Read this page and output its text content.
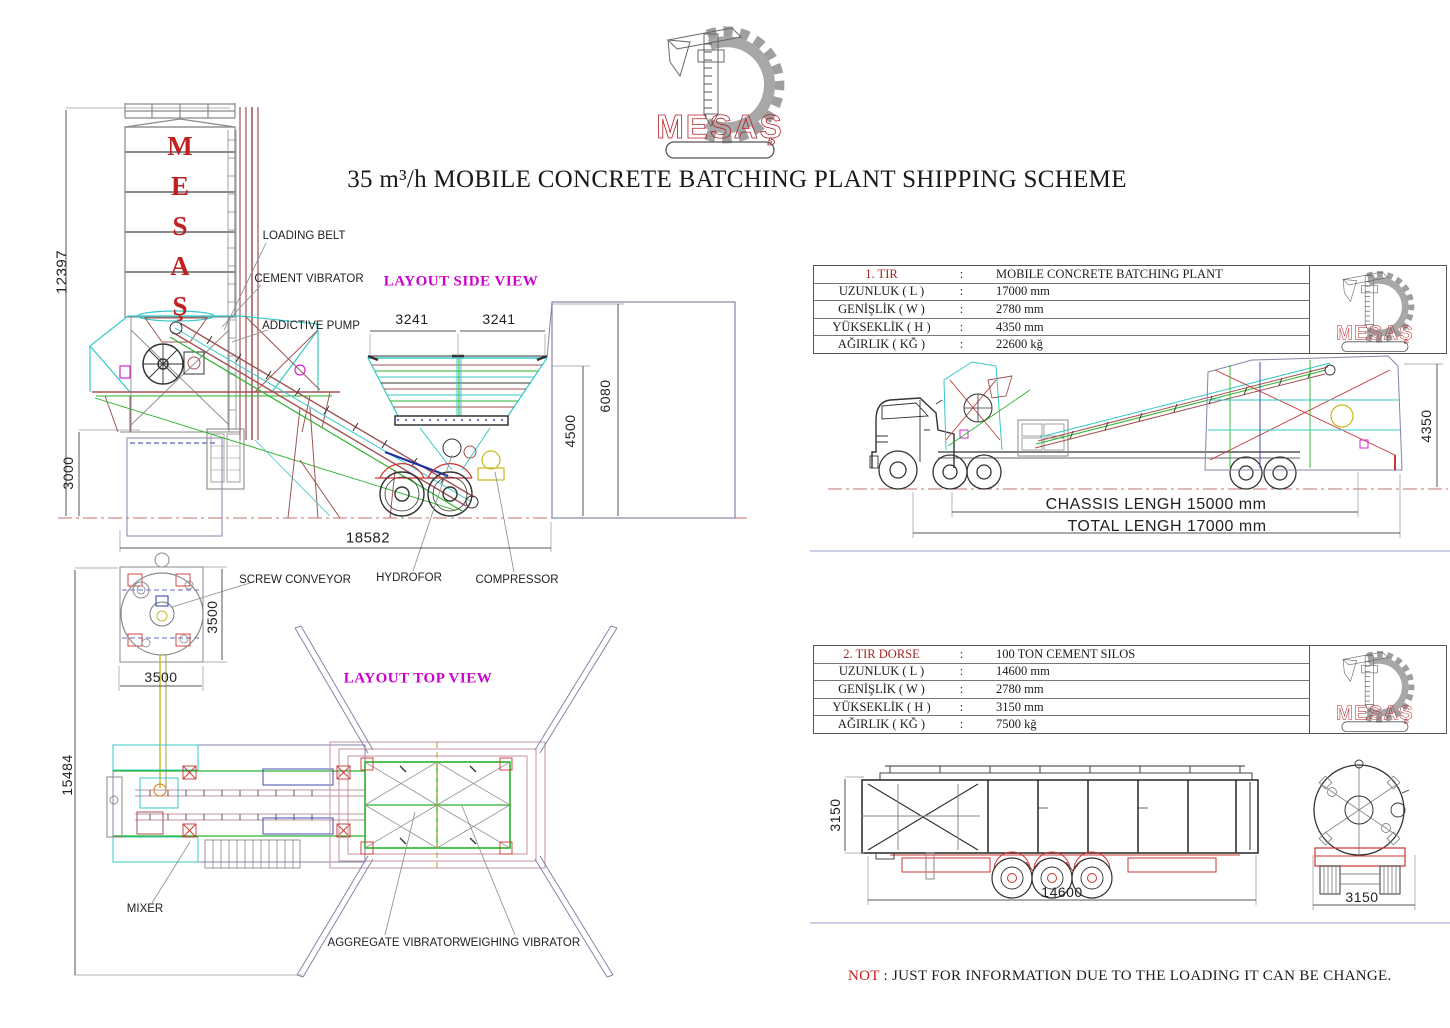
35 m³/h MOBILE CONCRETE BATCHING PLANT SHIPPING SCHEME
MESAŞ
MÜHENDİSLİK
M
E
S
A
Ş
LAYOUT SIDE VIEW
LAYOUT TOP VIEW
LOADING BELT
CEMENT VIBRATOR
ADDICTIVE PUMP
SCREW CONVEYOR HYDROFOR	COMPRESSOR
MIXER
AGGREGATE VIBRATOR WEIGHING VIBRATOR
3241	3241
18582
3500
14600	3150
CHASSIS LENGH 15000 mm
TOTAL LENGH 17000 mm
12397
3000
4500
6080
3500
15484
4350
3150
1. TIR	:	MOBILE CONCRETE BATCHING PLANT
UZUNLUK ( L )	:	17000 mm
GENİŞLİK ( W )	:	2780 mm
YÜKSEKLİK ( H )	:	4350 mm
AĞIRLIK ( KĞ )	:	22600 kğ
MESAŞ
MÜHENDİSLİK
2. TIR DORSE	:	100 TON CEMENT SILOS
UZUNLUK ( L )	:	14600 mm
GENİŞLİK ( W )	:	2780 mm
YÜKSEKLİK ( H )	:	3150 mm
AĞIRLIK ( KĞ )	:	7500 kğ
MESAŞ
MÜHENDİSLİK
NOT : JUST FOR INFORMATION DUE TO THE LOADING IT CAN BE CHANGE.
